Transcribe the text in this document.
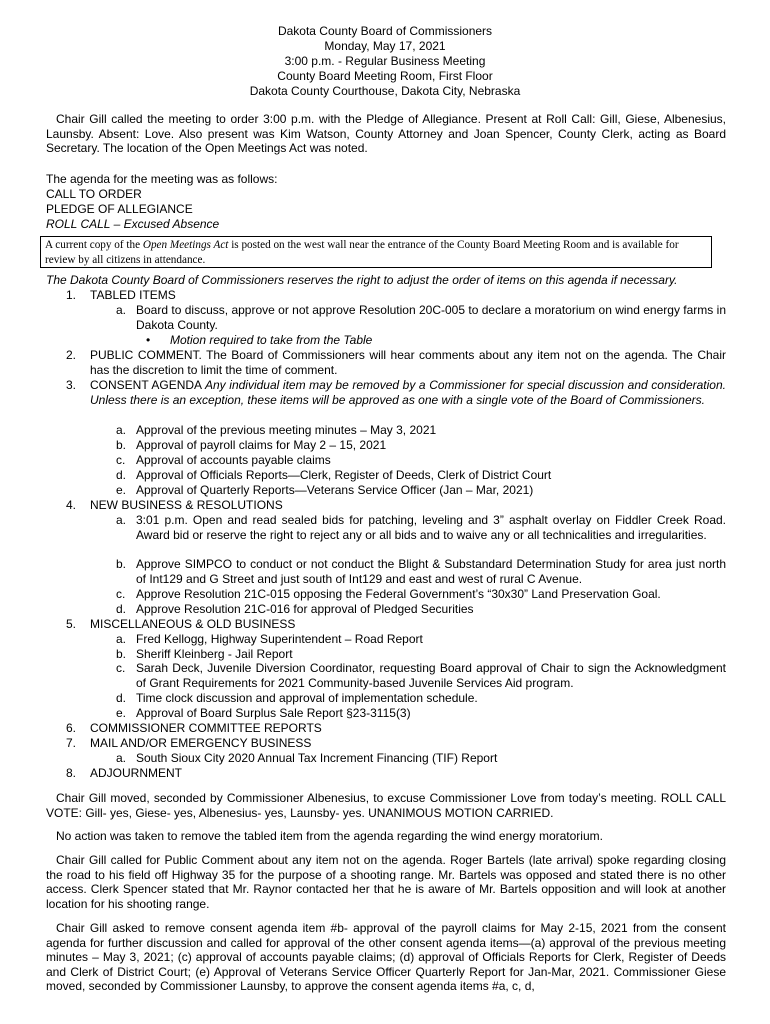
Dakota County Board of Commissioners
Monday, May 17, 2021
3:00 p.m. - Regular Business Meeting
County Board Meeting Room, First Floor
Dakota County Courthouse, Dakota City, Nebraska
Chair Gill called the meeting to order 3:00 p.m. with the Pledge of Allegiance. Present at Roll Call: Gill, Giese, Albenesius, Launsby. Absent: Love. Also present was Kim Watson, County Attorney and Joan Spencer, County Clerk, acting as Board Secretary. The location of the Open Meetings Act was noted.
The agenda for the meeting was as follows:
CALL TO ORDER
PLEDGE OF ALLEGIANCE
ROLL CALL – Excused Absence
A current copy of the Open Meetings Act is posted on the west wall near the entrance of the County Board Meeting Room and is available for review by all citizens in attendance.
The Dakota County Board of Commissioners reserves the right to adjust the order of items on this agenda if necessary.
1. TABLED ITEMS
a. Board to discuss, approve or not approve Resolution 20C-005 to declare a moratorium on wind energy farms in Dakota County.
• Motion required to take from the Table
2. PUBLIC COMMENT. The Board of Commissioners will hear comments about any item not on the agenda. The Chair has the discretion to limit the time of comment.
3. CONSENT AGENDA Any individual item may be removed by a Commissioner for special discussion and consideration. Unless there is an exception, these items will be approved as one with a single vote of the Board of Commissioners.
a. Approval of the previous meeting minutes – May 3, 2021
b. Approval of payroll claims for May 2 – 15, 2021
c. Approval of accounts payable claims
d. Approval of Officials Reports—Clerk, Register of Deeds, Clerk of District Court
e. Approval of Quarterly Reports—Veterans Service Officer (Jan – Mar, 2021)
4. NEW BUSINESS & RESOLUTIONS
a. 3:01 p.m. Open and read sealed bids for patching, leveling and 3” asphalt overlay on Fiddler Creek Road. Award bid or reserve the right to reject any or all bids and to waive any or all technicalities and irregularities.
b. Approve SIMPCO to conduct or not conduct the Blight & Substandard Determination Study for area just north of Int129 and G Street and just south of Int129 and east and west of rural C Avenue.
c. Approve Resolution 21C-015 opposing the Federal Government’s “30x30” Land Preservation Goal.
d. Approve Resolution 21C-016 for approval of Pledged Securities
5. MISCELLANEOUS & OLD BUSINESS
a. Fred Kellogg, Highway Superintendent – Road Report
b. Sheriff Kleinberg - Jail Report
c. Sarah Deck, Juvenile Diversion Coordinator, requesting Board approval of Chair to sign the Acknowledgment of Grant Requirements for 2021 Community-based Juvenile Services Aid program.
d. Time clock discussion and approval of implementation schedule.
e. Approval of Board Surplus Sale Report §23-3115(3)
6. COMMISSIONER COMMITTEE REPORTS
7. MAIL AND/OR EMERGENCY BUSINESS
a. South Sioux City 2020 Annual Tax Increment Financing (TIF) Report
8. ADJOURNMENT
Chair Gill moved, seconded by Commissioner Albenesius, to excuse Commissioner Love from today’s meeting. ROLL CALL VOTE: Gill- yes, Giese- yes, Albenesius- yes, Launsby- yes. UNANIMOUS MOTION CARRIED.
No action was taken to remove the tabled item from the agenda regarding the wind energy moratorium.
Chair Gill called for Public Comment about any item not on the agenda. Roger Bartels (late arrival) spoke regarding closing the road to his field off Highway 35 for the purpose of a shooting range. Mr. Bartels was opposed and stated there is no other access. Clerk Spencer stated that Mr. Raynor contacted her that he is aware of Mr. Bartels opposition and will look at another location for his shooting range.
Chair Gill asked to remove consent agenda item #b- approval of the payroll claims for May 2-15, 2021 from the consent agenda for further discussion and called for approval of the other consent agenda items—(a) approval of the previous meeting minutes – May 3, 2021; (c) approval of accounts payable claims; (d) approval of Officials Reports for Clerk, Register of Deeds and Clerk of District Court; (e) Approval of Veterans Service Officer Quarterly Report for Jan-Mar, 2021. Commissioner Giese moved, seconded by Commissioner Launsby, to approve the consent agenda items #a, c, d,
